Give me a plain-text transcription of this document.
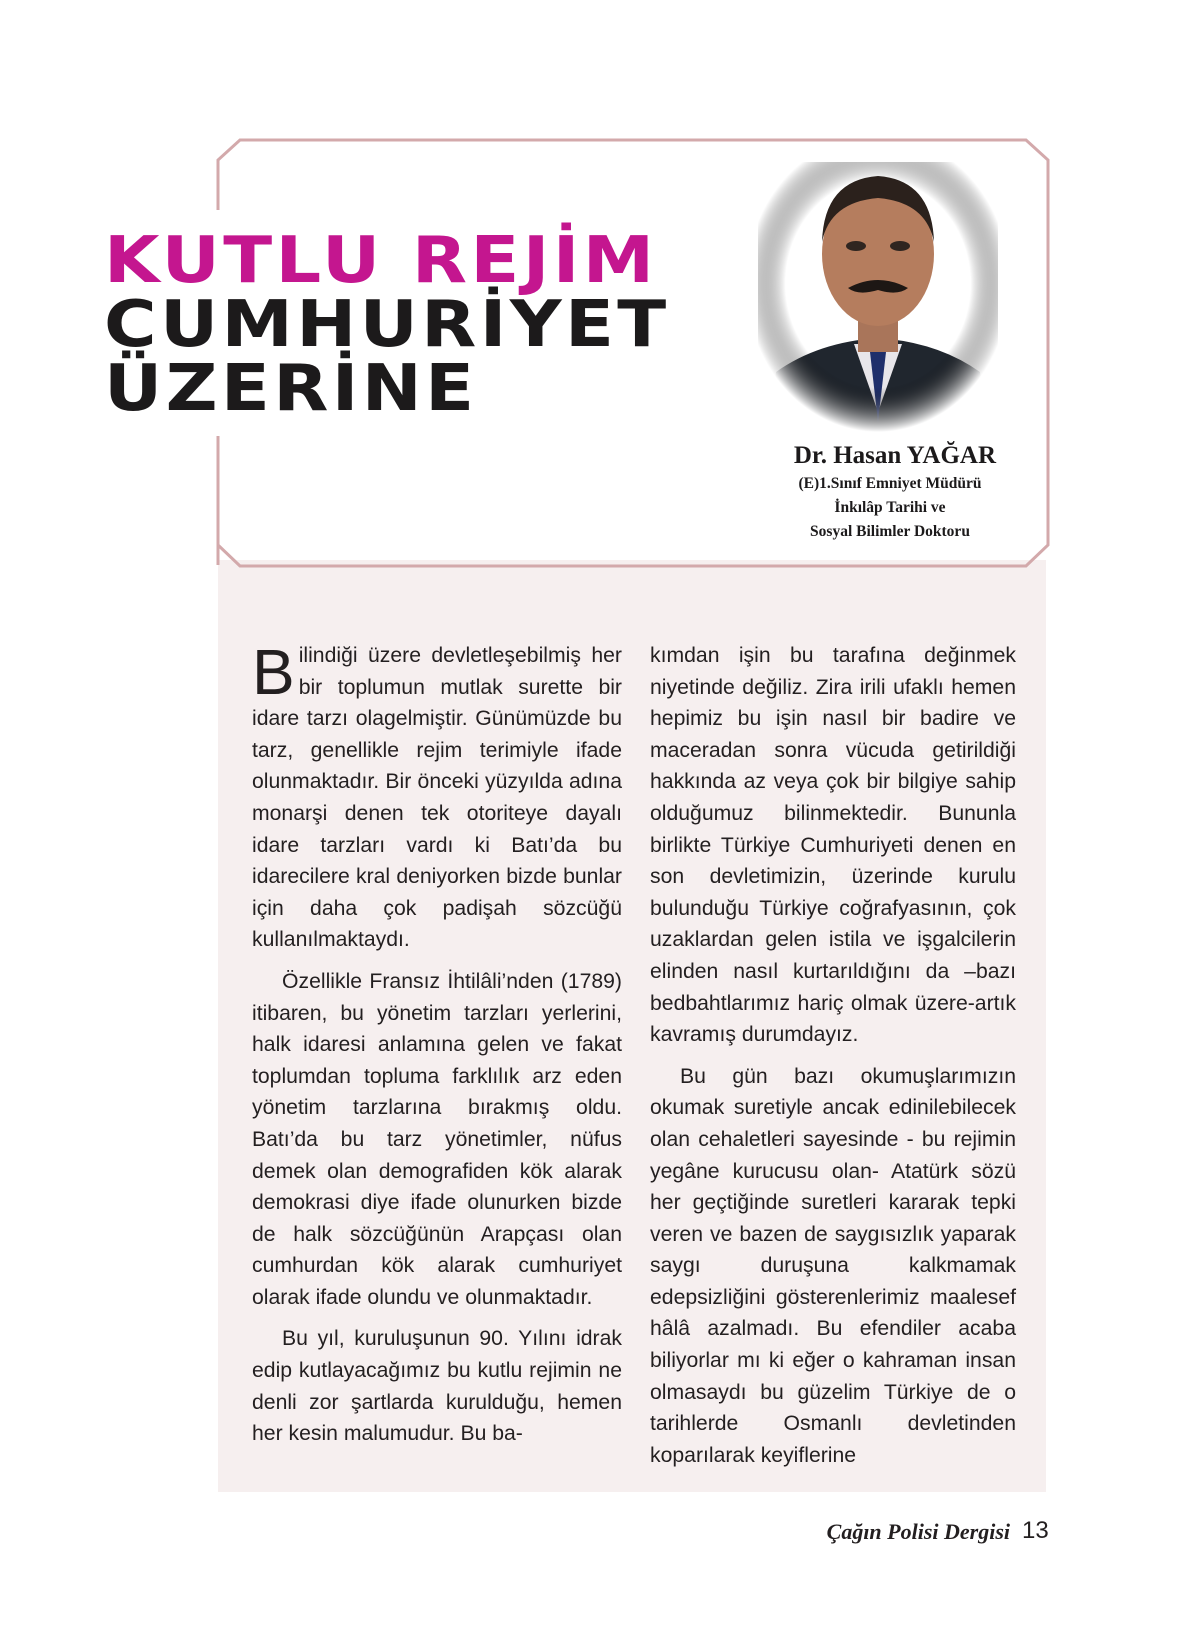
KUTLU REJİM
CUMHURİYET
ÜZERİNE

Dr. Hasan YAĞAR

(E)1.Sınıf Emniyet Müdürü

İnkılâp Tarihi ve

Sosyal Bilimler Doktoru

Bilindiği üzere devletleşebilmiş her bir toplumun mutlak surette bir idare tarzı olagelmiştir. Günümüzde bu tarz, genellikle rejim terimiyle ifade olunmaktadır. Bir önceki yüzyılda adına monarşi denen tek otoriteye dayalı idare tarzları vardı ki Batı’da bu idarecilere kral deniyorken bizde bunlar için daha çok padişah sözcüğü kullanılmaktaydı.

Özellikle Fransız İhtilâli’nden (1789) itibaren, bu yönetim tarzları yerlerini, halk idaresi anlamına gelen ve fakat toplumdan topluma farklılık arz eden yönetim tarzlarına bırakmış oldu. Batı’da bu tarz yönetimler, nüfus demek olan demografiden kök alarak demokrasi diye ifade olunurken bizde de halk sözcüğünün Arapçası olan cumhurdan kök alarak cumhuriyet olarak ifade olundu ve olunmaktadır.

Bu yıl, kuruluşunun 90. Yılını idrak edip kutlayacağımız bu kutlu rejimin ne denli zor şartlarda kurulduğu, hemen her kesin malumudur. Bu ba-

kımdan işin bu tarafına değinmek niyetinde değiliz. Zira irili ufaklı hemen hepimiz bu işin nasıl bir badire ve maceradan sonra vücuda getirildiği hakkında az veya çok bir bilgiye sahip olduğumuz bilinmektedir. Bununla birlikte Türkiye Cumhuriyeti denen en son devletimizin, üzerinde kurulu bulunduğu Türkiye coğrafyasının, çok uzaklardan gelen istila ve işgalcilerin elinden nasıl kurtarıldığını da –bazı bedbahtlarımız hariç olmak üzere-artık kavramış durumdayız.

Bu gün bazı okumuşlarımızın okumak suretiyle ancak edinilebilecek olan cehaletleri sayesinde - bu rejimin yegâne kurucusu olan- Atatürk sözü her geçtiğinde suretleri kararak tepki veren ve bazen de saygısızlık yaparak saygı duruşuna kalkmamak edepsizliğini gösterenlerimiz maalesef hâlâ azalmadı. Bu efendiler acaba biliyorlar mı ki eğer o kahraman insan olmasaydı bu güzelim Türkiye de o tarihlerde Osmanlı devletinden koparılarak keyiflerine

Çağın Polisi Dergisi 13
